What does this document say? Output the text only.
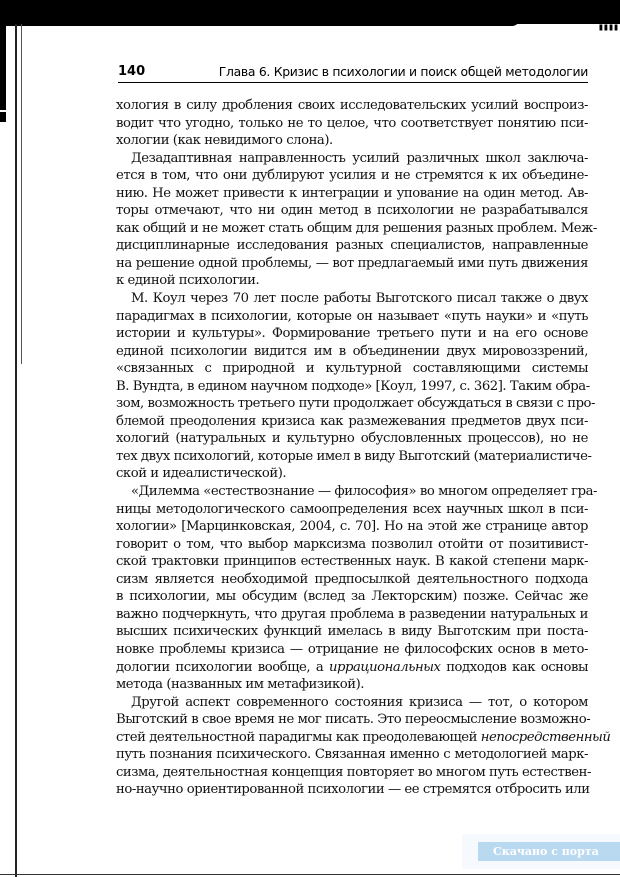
▮▮▮▮
140	Глава 6. Кризис в психологии и поиск общей методологии
хология в силу дробления своих исследовательских усилий воспроиз-
водит что угодно, только не то целое, что соответствует понятию пси-
хологии (как невидимого слона).
Дезадаптивная направленность усилий различных школ заключа-
ется в том, что они дублируют усилия и не стремятся к их объедине-
нию. Не может привести к интеграции и упование на один метод. Ав-
торы отмечают, что ни один метод в психологии не разрабатывался
как общий и не может стать общим для решения разных проблем. Меж-
дисциплинарные исследования разных специалистов, направленные
на решение одной проблемы, — вот предлагаемый ими путь движения
к единой психологии.
М. Коул через 70 лет после работы Выготского писал также о двух
парадигмах в психологии, которые он называет «путь науки» и «путь
истории и культуры». Формирование третьего пути и на его основе
единой психологии видится им в объединении двух мировоззрений,
«связанных с природной и культурной составляющими системы
В. Вундта, в едином научном подходе» [Коул, 1997, с. 362]. Таким обра-
зом, возможность третьего пути продолжает обсуждаться в связи с про-
блемой преодоления кризиса как размежевания предметов двух пси-
хологий (натуральных и культурно обусловленных процессов), но не
тех двух психологий, которые имел в виду Выготский (материалистиче-
ской и идеалистической).
«Дилемма «естествознание — философия» во многом определяет гра-
ницы методологического самоопределения всех научных школ в пси-
хологии» [Марцинковская, 2004, с. 70]. Но на этой же странице автор
говорит о том, что выбор марксизма позволил отойти от позитивист-
ской трактовки принципов естественных наук. В какой степени марк-
сизм является необходимой предпосылкой деятельностного подхода
в психологии, мы обсудим (вслед за Лекторским) позже. Сейчас же
важно подчеркнуть, что другая проблема в разведении натуральных и
высших психических функций имелась в виду Выготским при поста-
новке проблемы кризиса — отрицание не философских основ в мето-
дологии психологии вообще, а иррациональных подходов как основы
метода (названных им метафизикой).
Другой аспект современного состояния кризиса — тот, о котором
Выготский в свое время не мог писать. Это переосмысление возможно-
стей деятельностной парадигмы как преодолевающей непосредственный
путь познания психического. Связанная именно с методологией марк-
сизма, деятельностная концепция повторяет во многом путь естествен-
но-научно ориентированной психологии — ее стремятся отбросить или
Скачано с порта
